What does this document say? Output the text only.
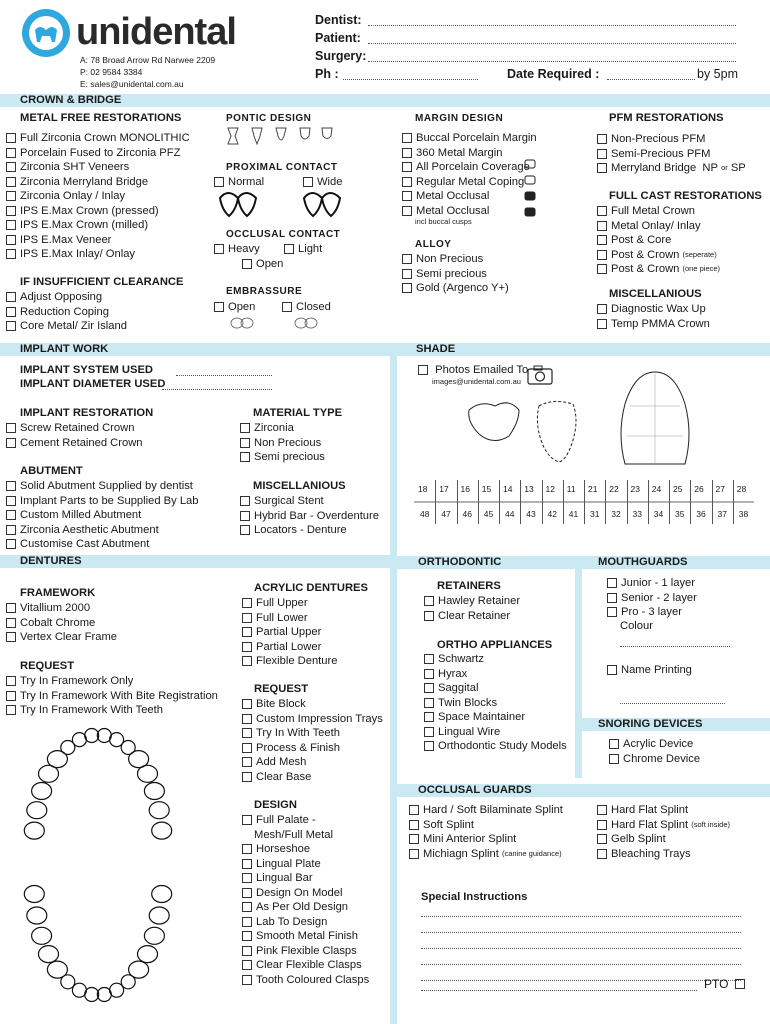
unidental
A: 78 Broad Arrow Rd Narwee 2209
P: 02 9584 3384
E: sales@unidental.com.au
Dentist:
Patient:
Surgery:
Ph :	Date Required :	by 5pm
CROWN & BRIDGE
METAL FREE RESTORATIONS
Full Zirconia Crown MONOLITHIC
Porcelain Fused to Zirconia PFZ
Zirconia SHT Veneers
Zirconia Merryland Bridge
Zirconia Onlay / Inlay
IPS E.Max Crown (pressed)
IPS E.Max Crown (milled)
IPS E.Max Veneer
IPS E.Max Inlay/ Onlay
IF INSUFFICIENT CLEARANCE
Adjust Opposing
Reduction Coping
Core Metal/ Zir Island
PONTIC DESIGN
PROXIMAL CONTACT
Normal	Wide
OCCLUSAL CONTACT
Heavy	Light
Open
EMBRASSURE
Open	Closed
MARGIN DESIGN
Buccal Porcelain Margin
360 Metal Margin
All Porcelain Coverage
Regular Metal Coping
Metal Occlusal
Metal Occlusal
incl buccal cusps
ALLOY
Non Precious
Semi precious
Gold (Argenco Y+)
PFM RESTORATIONS
Non-Precious PFM
Semi-Precious PFM
Merryland Bridge
NP
or
SP
FULL CAST RESTORATIONS
Full Metal Crown
Metal Onlay/ Inlay
Post & Core
Post & Crown
(seperate)
Post & Crown
(one piece)
MISCELLANIOUS
Diagnostic Wax Up
Temp PMMA Crown
IMPLANT WORK	SHADE
IMPLANT SYSTEM USED
IMPLANT DIAMETER USED
IMPLANT RESTORATION
Screw Retained Crown
Cement Retained Crown
MATERIAL TYPE
Zirconia
Non Precious
Semi precious
ABUTMENT
Solid Abutment Supplied by dentist
Implant Parts to be Supplied By Lab
Custom Milled Abutment
Zirconia Aesthetic Abutment
Customise Cast Abutment
MISCELLANIOUS
Surgical Stent
Hybrid Bar - Overdenture
Locators - Denture

Photos Emailed To
images@unidental.com.au
18 17 16 15 14 13 12 11 21 22 23 24 25 26 27 28
48 47 46 45 44 43 42 41 31 32 33 34 35 36 37 38
DENTURES	ORTHODONTIC	MOUTHGUARDS
FRAMEWORK
Vitallium 2000
Cobalt Chrome
Vertex Clear Frame
REQUEST
Try In Framework Only
Try In Framework With Bite Registration
Try In Framework With Teeth
ACRYLIC DENTURES
Full Upper
Full Lower
Partial Upper
Partial Lower
Flexible Denture
REQUEST
Bite Block
Custom Impression Trays
Try In With Teeth
Process & Finish
Add Mesh
Clear Base
DESIGN
Full Palate -
Mesh/Full Metal
Horseshoe
Lingual Plate
Lingual Bar
Design On Model
As Per Old Design
Lab To Design
Smooth Metal Finish
Pink Flexible Clasps
Clear Flexible Clasps
Tooth Coloured Clasps
RETAINERS
Hawley Retainer
Clear Retainer
ORTHO APPLIANCES
Schwartz
Hyrax
Saggital
Twin Blocks
Space Maintainer
Lingual Wire
Orthodontic Study Models
Junior - 1 layer
Senior - 2 layer
Pro - 3 layer
Colour
Name Printing
SNORING DEVICES
Acrylic Device
Chrome Device
OCCLUSAL GUARDS
Hard / Soft Bilaminate Splint
Soft Splint
Mini Anterior Splint
Michiagn Splint
(canine guidance)
Hard Flat Splint
Hard Flat Splint
(soft inside)
Gelb Splint
Bleaching Trays
Special Instructions
PTO
